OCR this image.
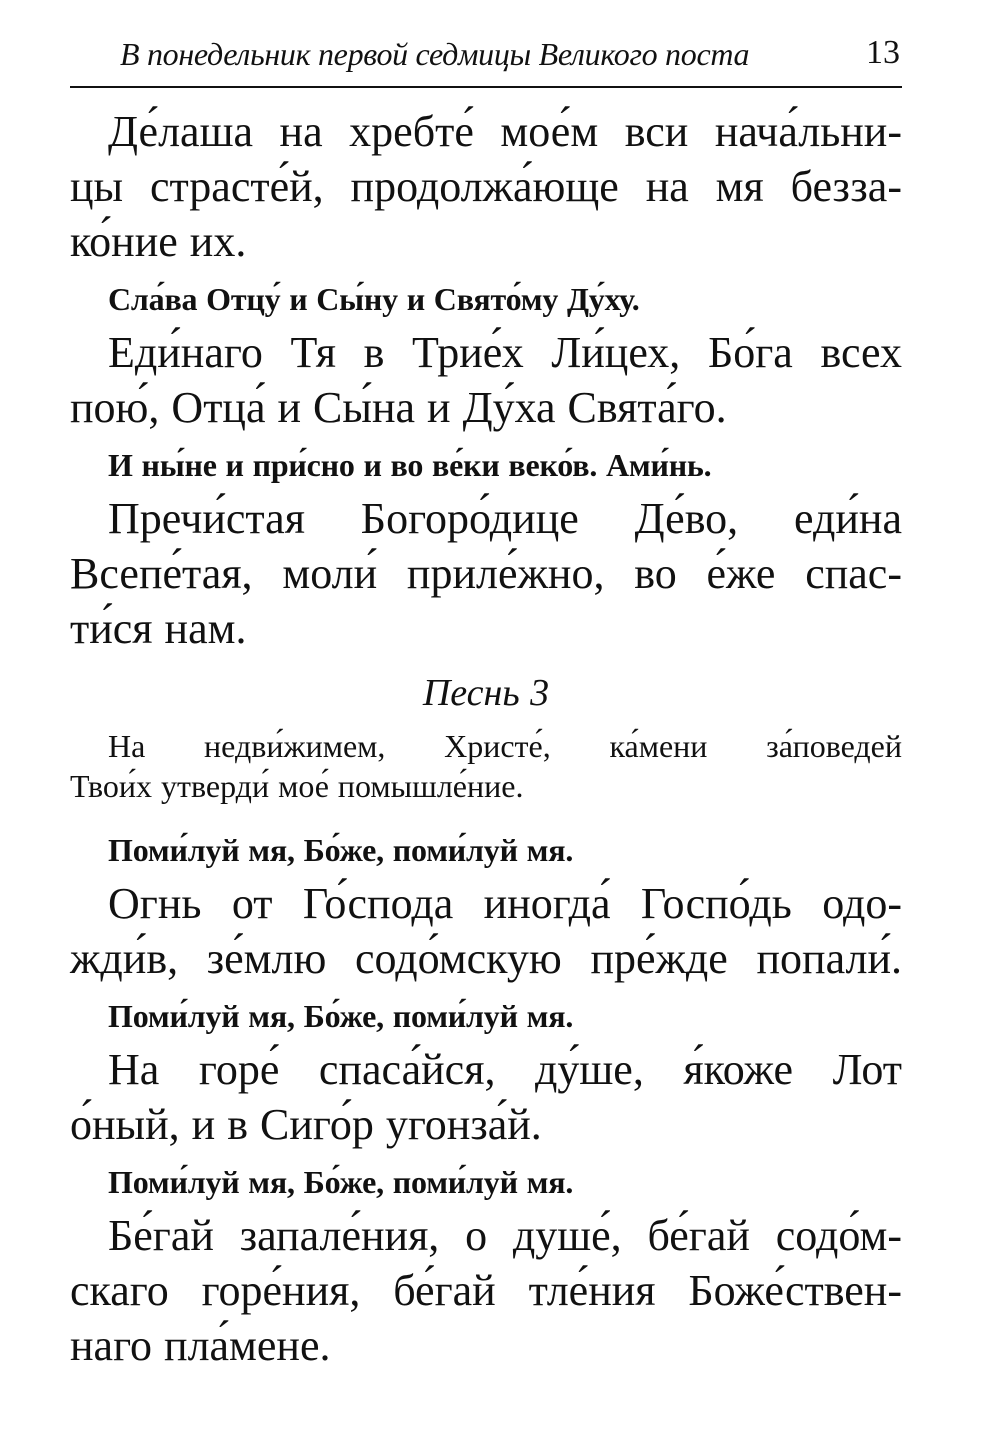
В понедельник первой седмицы Великого поста	13

Де́лаша на хребте́ мое́м вси нача́льни-
цы страсте́й, продолжа́юще на мя безза-
ко́ние их.

Сла́ва Отцу́ и Сы́ну и Свято́му Ду́ху.

Еди́наго Тя в Трие́х Ли́цех, Бо́га всех
пою́, Отца́ и Сы́на и Ду́ха Свята́го.

И ны́не и при́сно и во ве́ки веко́в. Ами́нь.

Пречи́стая Богоро́дице Де́во, еди́на
Всепе́тая, моли́ приле́жно, во е́же спас-
ти́ся нам.

Песнь 3

На недви́жимем, Христе́, ка́мени за́поведей
Твои́х утверди́ мое́ помышле́ние.

Поми́луй мя, Бо́же, поми́луй мя.

Огнь от Го́спода иногда́ Госпо́дь одо-
жди́в, зе́млю содо́мскую пре́жде попали́.

Поми́луй мя, Бо́же, поми́луй мя.

На горе́ спаса́йся, ду́ше, я́коже Лот
о́ный, и в Сиго́р угонза́й.

Поми́луй мя, Бо́же, поми́луй мя.

Бе́гай запале́ния, о душе́, бе́гай содо́м-
скаго горе́ния, бе́гай тле́ния Боже́ствен-
наго пла́мене.
